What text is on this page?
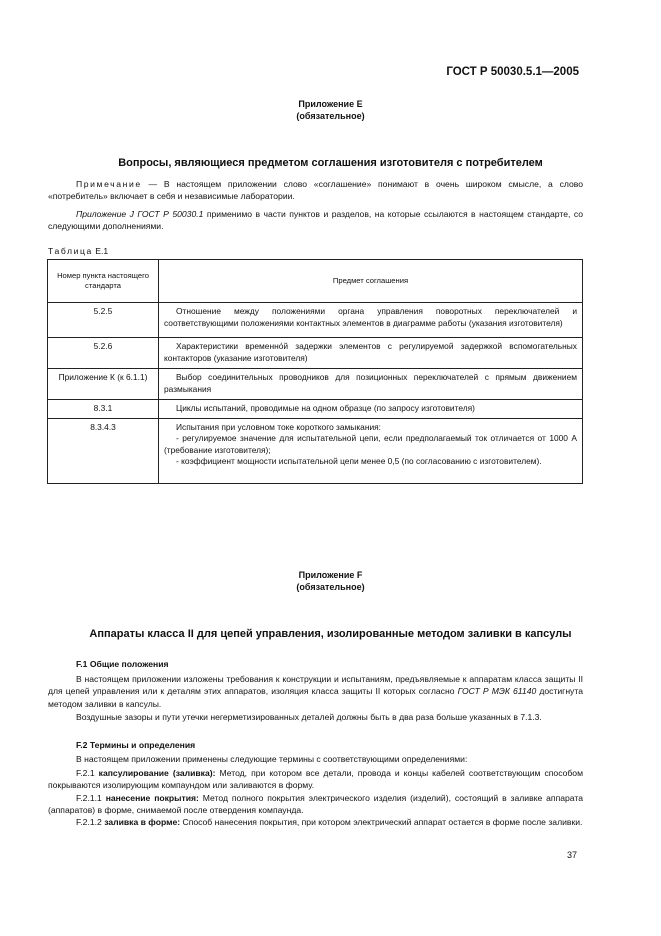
ГОСТ Р 50030.5.1—2005
Приложение Е
(обязательное)
Вопросы, являющиеся предметом соглашения изготовителя с потребителем
Примечание — В настоящем приложении слово «соглашение» понимают в очень широком смысле, а слово «потребитель» включает в себя и независимые лаборатории.
Приложение J ГОСТ Р 50030.1 применимо в части пунктов и разделов, на которые ссылаются в настоящем стандарте, со следующими дополнениями.
Таблица Е.1
Номер пункта настоящего стандарта	Предмет соглашения
5.2.5	Отношение между положениями органа управления поворотных переключателей и соответствующими положениями контактных элементов в диаграмме работы (указания изготовителя)

5.2.6	Характеристики временно́й задержки элементов с регулируемой задержкой вспомогательных контакторов (указание изготовителя)

Приложение К (к 6.1.1)	Выбор соединительных проводников для позиционных переключателей с прямым движением размыкания

8.3.1	Циклы испытаний, проводимые на одном образце (по запросу изготовителя)

8.3.4.3	Испытания при условном токе короткого замыкания:

- регулируемое значение для испытательной цепи, если предполагаемый ток отличается от 1000 А (требование изготовителя);

- коэффициент мощности испытательной цепи менее 0,5 (по согласованию с изготовителем).

Приложение F
(обязательное)
Аппараты класса II для цепей управления, изолированные методом заливки в капсулы
F.1 Общие положения
В настоящем приложении изложены требования к конструкции и испытаниям, предъявляемые к аппаратам класса защиты II для цепей управления или к деталям этих аппаратов, изоляция класса защиты II которых согласно ГОСТ Р МЭК 61140 достигнута методом заливки в капсулы.
Воздушные зазоры и пути утечки негерметизированных деталей должны быть в два раза больше указанных в 7.1.3.
F.2 Термины и определения
В настоящем приложении применены следующие термины с соответствующими определениями:
F.2.1 капсулирование (заливка): Метод, при котором все детали, провода и концы кабелей соответствующим способом покрываются изолирующим компаундом или заливаются в форму.
F.2.1.1 нанесение покрытия: Метод полного покрытия электрического изделия (изделий), состоящий в заливке аппарата (аппаратов) в форме, снимаемой после отвердения компаунда.
F.2.1.2 заливка в форме: Способ нанесения покрытия, при котором электрический аппарат остается в форме после заливки.
37
